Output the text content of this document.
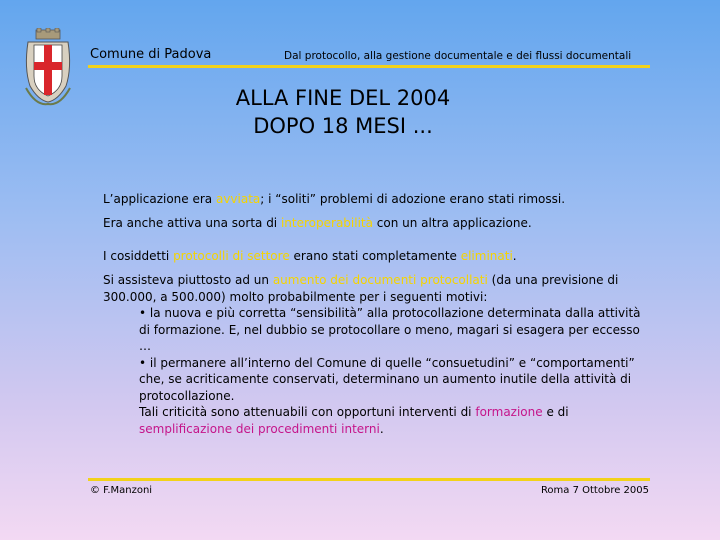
Comune di Padova	Dal protocollo, alla gestione documentale e dei flussi documentali
ALLA FINE DEL 2004
DOPO 18 MESI ...
L’applicazione era avviata; i “soliti” problemi di adozione erano stati rimossi.
Era anche attiva una sorta di interoperabilità con un altra applicazione.
I cosiddetti protocolli di settore erano stati completamente eliminati.
Si assisteva piuttosto ad un aumento dei documenti protocollati (da una previsione di 300.000, a 500.000) molto probabilmente per i seguenti motivi:
• la nuova e più corretta “sensibilità” alla protocollazione determinata dalla attività di formazione. E, nel dubbio se protocollare o meno, magari si esagera per eccesso …
• il permanere all’interno del Comune di quelle “consuetudini” e “comportamenti” che, se acriticamente conservati, determinano un aumento inutile della attività di protocollazione.
Tali criticità sono attenuabili con opportuni interventi di formazione e di semplificazione dei procedimenti interni.
© F.Manzoni	Roma 7 Ottobre 2005
